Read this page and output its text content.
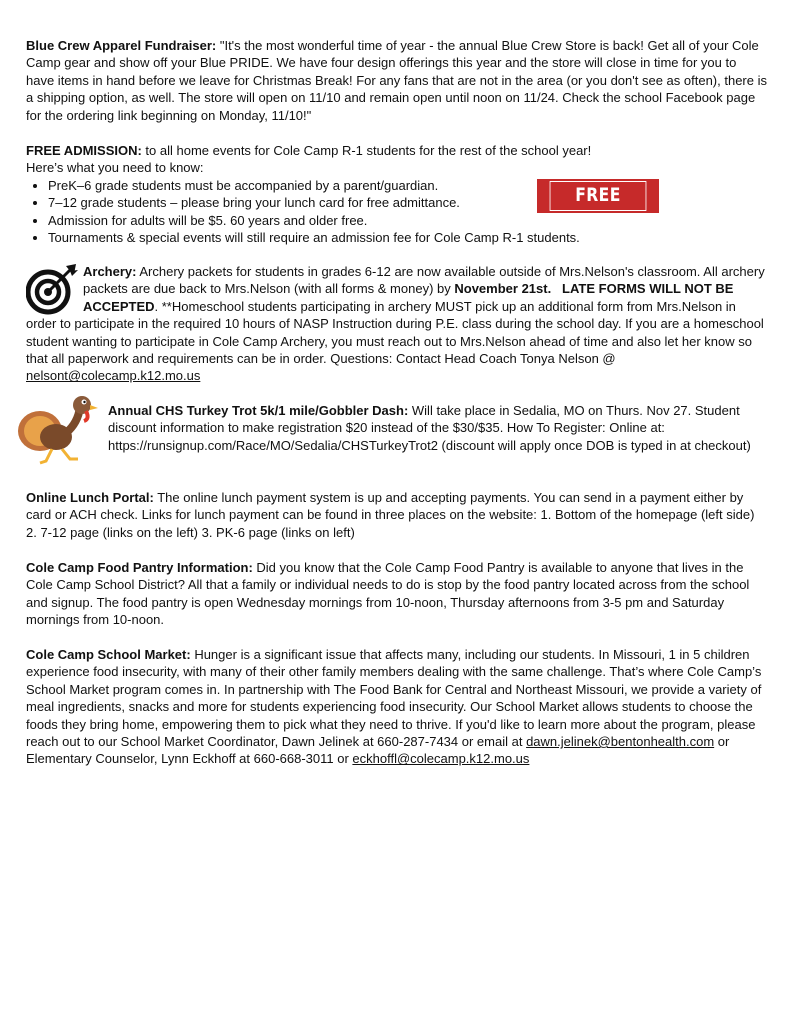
Blue Crew Apparel Fundraiser: "It's the most wonderful time of year - the annual Blue Crew Store is back! Get all of your Cole Camp gear and show off your Blue PRIDE. We have four design offerings this year and the store will close in time for you to have items in hand before we leave for Christmas Break! For any fans that are not in the area (or you don't see as often), there is a shipping option, as well. The store will open on 11/10 and remain open until noon on 11/24. Check the school Facebook page for the ordering link beginning on Monday, 11/10!"
FREE ADMISSION: to all home events for Cole Camp R-1 students for the rest of the school year!
Here’s what you need to know:
• PreK–6 grade students must be accompanied by a parent/guardian.
• 7–12 grade students – please bring your lunch card for free admittance.
• Admission for adults will be $5. 60 years and older free.
• Tournaments & special events will still require an admission fee for Cole Camp R-1 students.
FREE ENTRY
Archery: Archery packets for students in grades 6-12 are now available outside of Mrs.Nelson's classroom. All archery packets are due back to Mrs.Nelson (with all forms & money) by November 21st. LATE FORMS WILL NOT BE ACCEPTED. **Homeschool students participating in archery MUST pick up an additional form from Mrs.Nelson in order to participate in the required 10 hours of NASP Instruction during P.E. class during the school day. If you are a homeschool student wanting to participate in Cole Camp Archery, you must reach out to Mrs.Nelson ahead of time and also let her know so that all paperwork and requirements can be in order. Questions: Contact Head Coach Tonya Nelson @ nelsont@colecamp.k12.mo.us
Annual CHS Turkey Trot 5k/1 mile/Gobbler Dash: Will take place in Sedalia, MO on Thurs. Nov 27. Student discount information to make registration $20 instead of the $30/$35. How To Register: Online at: https://runsignup.com/Race/MO/Sedalia/CHSTurkeyTrot2 (discount will apply once DOB is typed in at checkout)
Online Lunch Portal: The online lunch payment system is up and accepting payments. You can send in a payment either by card or ACH check. Links for lunch payment can be found in three places on the website: 1. Bottom of the homepage (left side) 2. 7-12 page (links on the left) 3. PK-6 page (links on left)
Cole Camp Food Pantry Information: Did you know that the Cole Camp Food Pantry is available to anyone that lives in the Cole Camp School District? All that a family or individual needs to do is stop by the food pantry located across from the school and signup. The food pantry is open Wednesday mornings from 10-noon, Thursday afternoons from 3-5 pm and Saturday mornings from 10-noon.
Cole Camp School Market: Hunger is a significant issue that affects many, including our students. In Missouri, 1 in 5 children experience food insecurity, with many of their other family members dealing with the same challenge. That’s where Cole Camp’s School Market program comes in. In partnership with The Food Bank for Central and Northeast Missouri, we provide a variety of meal ingredients, snacks and more for students experiencing food insecurity. Our School Market allows students to choose the foods they bring home, empowering them to pick what they need to thrive. If you'd like to learn more about the program, please reach out to our School Market Coordinator, Dawn Jelinek at 660-287-7434 or email at dawn.jelinek@bentonhealth.com or Elementary Counselor, Lynn Eckhoff at 660-668-3011 or eckhoffl@colecamp.k12.mo.us
